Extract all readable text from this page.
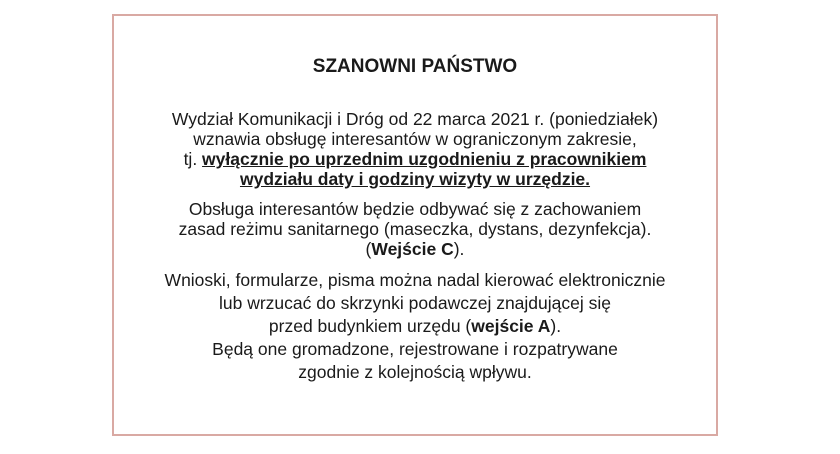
SZANOWNI PAŃSTWO
Wydział Komunikacji i Dróg od 22 marca 2021 r. (poniedziałek)
wznawia obsługę interesantów w ograniczonym zakresie,
tj. wyłącznie po uprzednim uzgodnieniu z pracownikiem
wydziału daty i godziny wizyty w urzędzie.
Obsługa interesantów będzie odbywać się z zachowaniem
zasad reżimu sanitarnego (maseczka, dystans, dezynfekcja).
(Wejście C).
Wnioski, formularze, pisma można nadal kierować elektronicznie
lub wrzucać do skrzynki podawczej znajdującej się
przed budynkiem urzędu (wejście A).
Będą one gromadzone, rejestrowane i rozpatrywane
zgodnie z kolejnością wpływu.
